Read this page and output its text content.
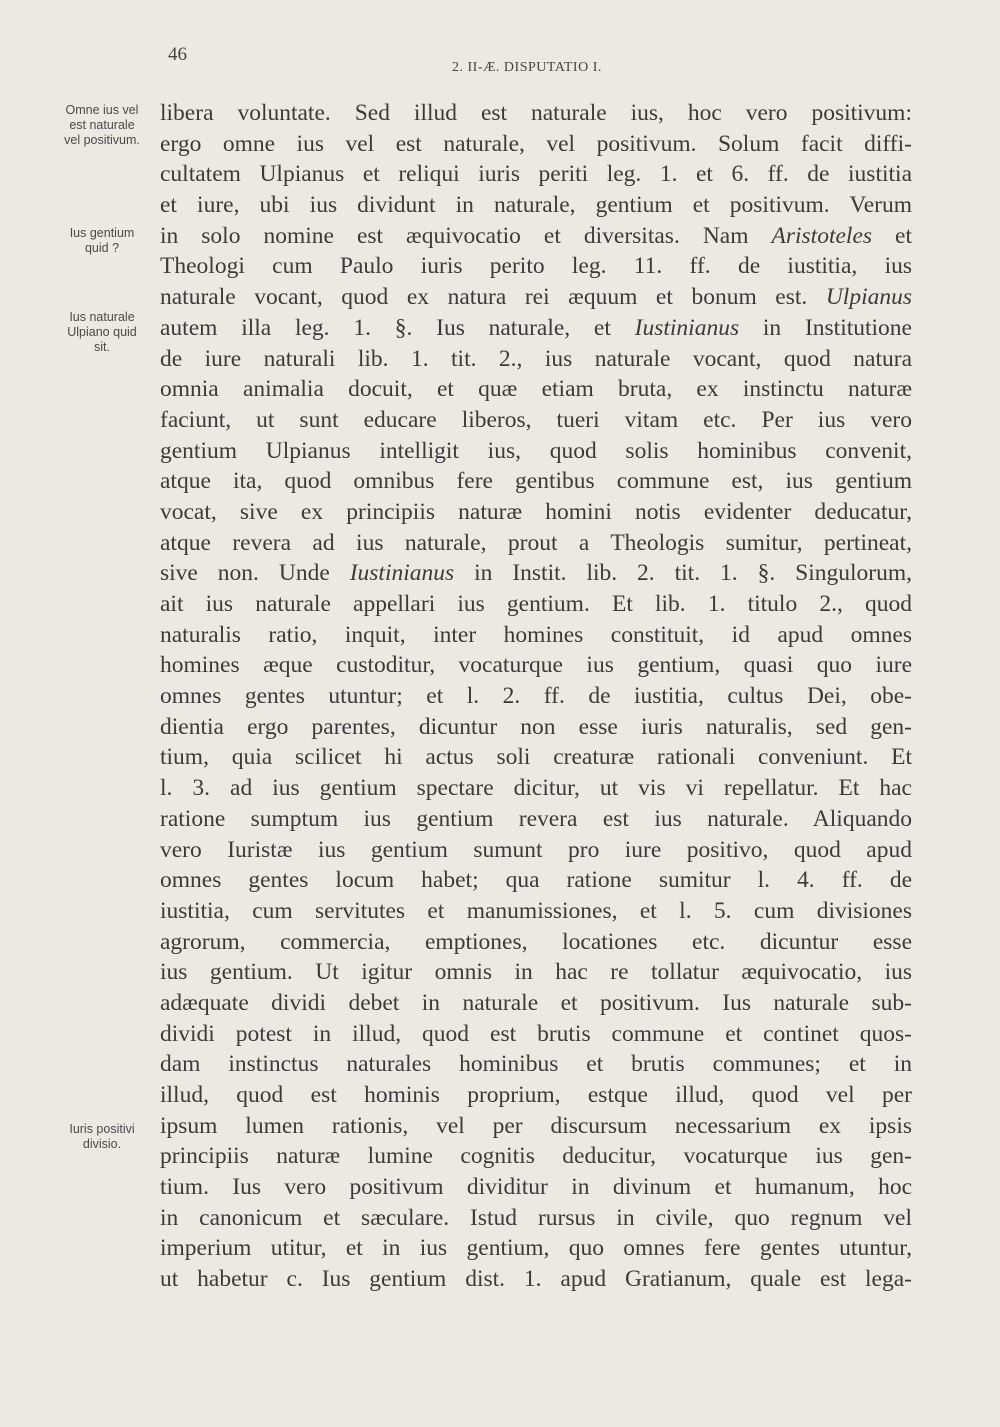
46
2. II-Æ. DISPUTATIO I.
Omne ius vel
est naturale
vel positivum.
Ius gentium
quid ?
Ius naturale
Ulpiano quid
sit.
Iuris positivi
divisio.
libera voluntate. Sed illud est naturale ius, hoc vero positivum:
ergo omne ius vel est naturale, vel positivum. Solum facit diffi-
cultatem Ulpianus et reliqui iuris periti leg. 1. et 6. ff. de iustitia
et iure, ubi ius dividunt in naturale, gentium et positivum. Verum
in solo nomine est æquivocatio et diversitas. Nam Aristoteles et
Theologi cum Paulo iuris perito leg. 11. ff. de iustitia, ius
naturale vocant, quod ex natura rei æquum et bonum est. Ulpianus
autem illa leg. 1. §. Ius naturale, et Iustinianus in Institutione
de iure naturali lib. 1. tit. 2., ius naturale vocant, quod natura
omnia animalia docuit, et quæ etiam bruta, ex instinctu naturæ
faciunt, ut sunt educare liberos, tueri vitam etc. Per ius vero
gentium Ulpianus intelligit ius, quod solis hominibus convenit,
atque ita, quod omnibus fere gentibus commune est, ius gentium
vocat, sive ex principiis naturæ homini notis evidenter deducatur,
atque revera ad ius naturale, prout a Theologis sumitur, pertineat,
sive non. Unde Iustinianus in Instit. lib. 2. tit. 1. §. Singulorum,
ait ius naturale appellari ius gentium. Et lib. 1. titulo 2., quod
naturalis ratio, inquit, inter homines constituit, id apud omnes
homines æque custoditur, vocaturque ius gentium, quasi quo iure
omnes gentes utuntur; et l. 2. ff. de iustitia, cultus Dei, obe-
dientia ergo parentes, dicuntur non esse iuris naturalis, sed gen-
tium, quia scilicet hi actus soli creaturæ rationali conveniunt. Et
l. 3. ad ius gentium spectare dicitur, ut vis vi repellatur. Et hac
ratione sumptum ius gentium revera est ius naturale. Aliquando
vero Iuristæ ius gentium sumunt pro iure positivo, quod apud
omnes gentes locum habet; qua ratione sumitur l. 4. ff. de
iustitia, cum servitutes et manumissiones, et l. 5. cum divisiones
agrorum, commercia, emptiones, locationes etc. dicuntur esse
ius gentium. Ut igitur omnis in hac re tollatur æquivocatio, ius
adæquate dividi debet in naturale et positivum. Ius naturale sub-
dividi potest in illud, quod est brutis commune et continet quos-
dam instinctus naturales hominibus et brutis communes; et in
illud, quod est hominis proprium, estque illud, quod vel per
ipsum lumen rationis, vel per discursum necessarium ex ipsis
principiis naturæ lumine cognitis deducitur, vocaturque ius gen-
tium. Ius vero positivum dividitur in divinum et humanum, hoc
in canonicum et sæculare. Istud rursus in civile, quo regnum vel
imperium utitur, et in ius gentium, quo omnes fere gentes utuntur,
ut habetur c. Ius gentium dist. 1. apud Gratianum, quale est lega-
